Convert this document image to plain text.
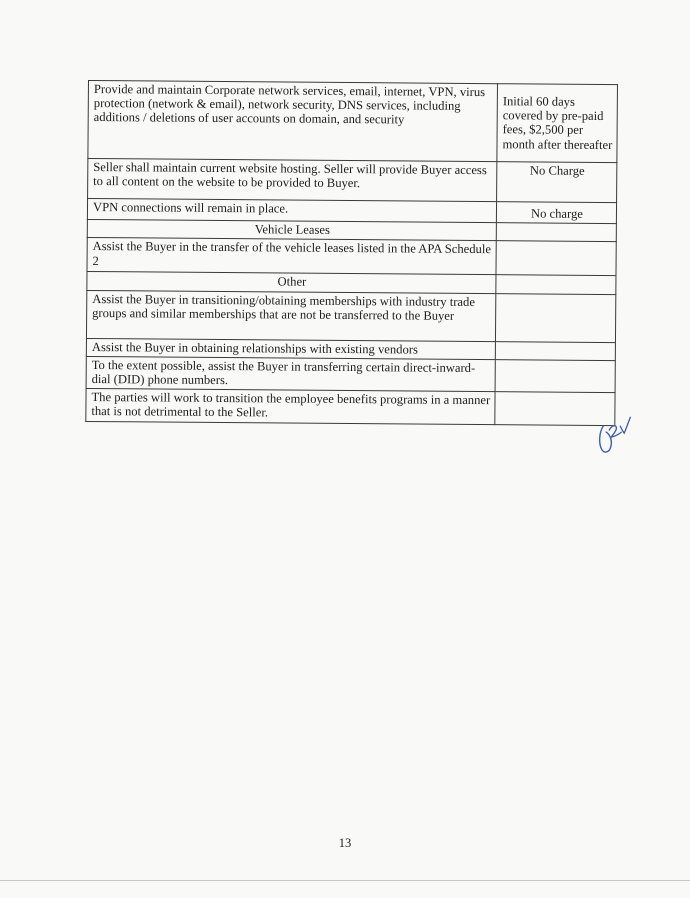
Provide and maintain Corporate network services, email, internet, VPN, virus protection (network & email), network security, DNS services, including additions / deletions of user accounts on domain, and security	Initial 60 days covered by pre-paid fees, $2,500 per month after thereafter
Seller shall maintain current website hosting. Seller will provide Buyer access to all content on the website to be provided to Buyer.	No Charge
VPN connections will remain in place.	No charge
Vehicle Leases	
Assist the Buyer in the transfer of the vehicle leases listed in the APA Schedule 2	
Other	
Assist the Buyer in transitioning/obtaining memberships with industry trade groups and similar memberships that are not be transferred to the Buyer	
Assist the Buyer in obtaining relationships with existing vendors	
To the extent possible, assist the Buyer in transferring certain direct-inward-dial (DID) phone numbers.	
The parties will work to transition the employee benefits programs in a manner that is not detrimental to the Seller.	
13
